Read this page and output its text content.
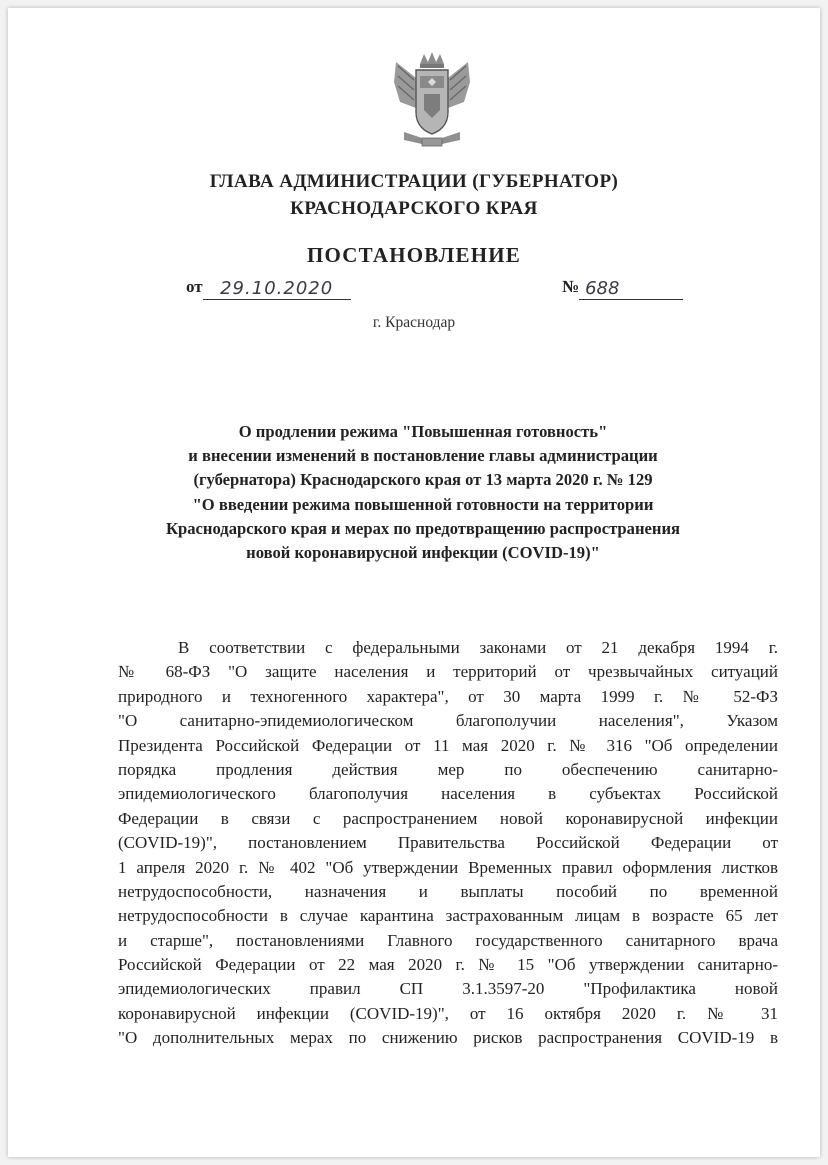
ГЛАВА АДМИНИСТРАЦИИ (ГУБЕРНАТОР)
КРАСНОДАРСКОГО КРАЯ
ПОСТАНОВЛЕНИЕ
от 29.10.2020	№ 688
г. Краснодар
О продлении режима "Повышенная готовность"
и внесении изменений в постановление главы администрации
(губернатора) Краснодарского края от 13 марта 2020 г. № 129
"О введении режима повышенной готовности на территории
Краснодарского края и мерах по предотвращению распространения
новой коронавирусной инфекции (COVID-19)"
В соответствии с федеральными законами от 21 декабря 1994 г.
№ 68-ФЗ "О защите населения и территорий от чрезвычайных ситуаций
природного и техногенного характера", от 30 марта 1999 г. № 52-ФЗ
"О санитарно-эпидемиологическом благополучии населения", Указом
Президента Российской Федерации от 11 мая 2020 г. № 316 "Об определении
порядка продления действия мер по обеспечению санитарно-
эпидемиологического благополучия населения в субъектах Российской
Федерации в связи с распространением новой коронавирусной инфекции
(COVID-19)", постановлением Правительства Российской Федерации от
1 апреля 2020 г. № 402 "Об утверждении Временных правил оформления листков
нетрудоспособности, назначения и выплаты пособий по временной
нетрудоспособности в случае карантина застрахованным лицам в возрасте 65 лет
и старше", постановлениями Главного государственного санитарного врача
Российской Федерации от 22 мая 2020 г. № 15 "Об утверждении санитарно-
эпидемиологических правил СП 3.1.3597-20 "Профилактика новой
коронавирусной инфекции (COVID-19)", от 16 октября 2020 г. № 31
"О дополнительных мерах по снижению рисков распространения COVID-19 в
